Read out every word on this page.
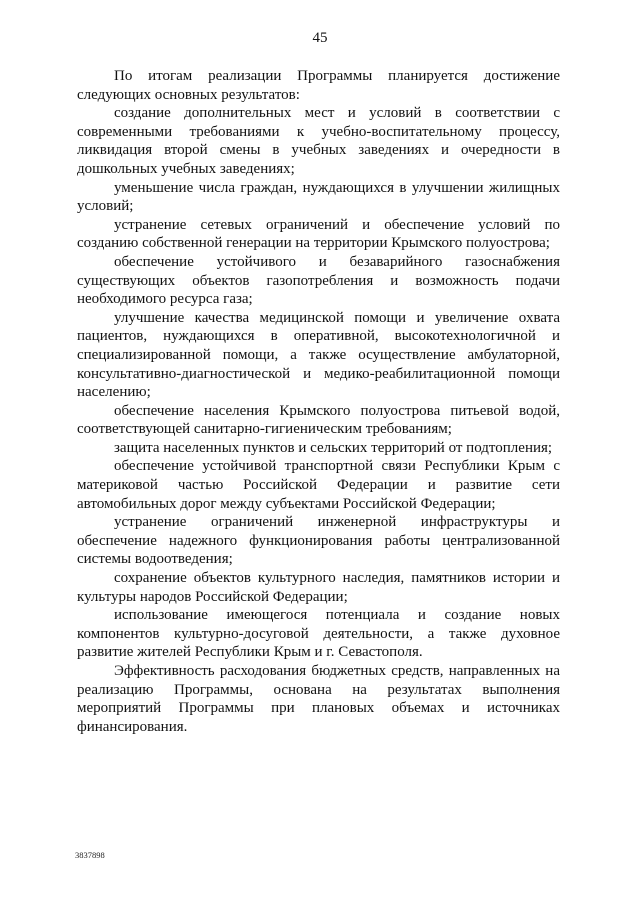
45

По итогам реализации Программы планируется достижение следующих основных результатов:

создание дополнительных мест и условий в соответствии с современными требованиями к учебно-воспитательному процессу, ликвидация второй смены в учебных заведениях и очередности в дошкольных учебных заведениях;

уменьшение числа граждан, нуждающихся в улучшении жилищных условий;

устранение сетевых ограничений и обеспечение условий по созданию собственной генерации на территории Крымского полуострова;

обеспечение устойчивого и безаварийного газоснабжения существующих объектов газопотребления и возможность подачи необходимого ресурса газа;

улучшение качества медицинской помощи и увеличение охвата пациентов, нуждающихся в оперативной, высокотехнологичной и специализированной помощи, а также осуществление амбулаторной, консультативно-диагностической и медико-реабилитационной помощи населению;

обеспечение населения Крымского полуострова питьевой водой, соответствующей санитарно-гигиеническим требованиям;

защита населенных пунктов и сельских территорий от подтопления;

обеспечение устойчивой транспортной связи Республики Крым с материковой частью Российской Федерации и развитие сети автомобильных дорог между субъектами Российской Федерации;

устранение ограничений инженерной инфраструктуры и обеспечение надежного функционирования работы централизованной системы водоотведения;

сохранение объектов культурного наследия, памятников истории и культуры народов Российской Федерации;

использование имеющегося потенциала и создание новых компонентов культурно-досуговой деятельности, а также духовное развитие жителей Республики Крым и г. Севастополя.

Эффективность расходования бюджетных средств, направленных на реализацию Программы, основана на результатах выполнения мероприятий Программы при плановых объемах и источниках финансирования.

3837898
